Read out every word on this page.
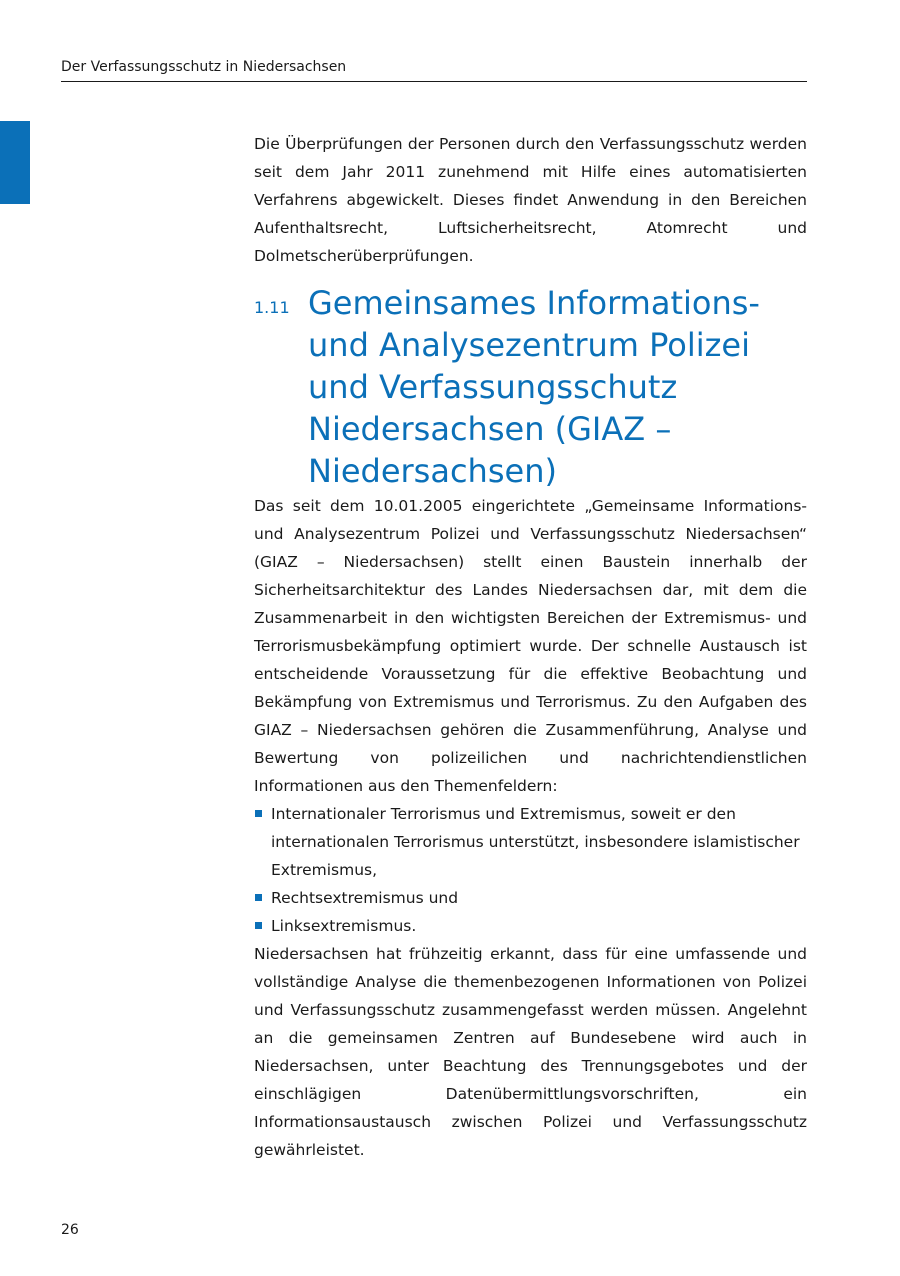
Der Verfassungsschutz in Niedersachsen
Die Überprüfungen der Personen durch den Verfassungsschutz werden seit dem Jahr 2011 zunehmend mit Hilfe eines automatisierten Verfahrens abgewickelt. Dieses findet Anwendung in den Bereichen Aufenthaltsrecht, Luftsicherheitsrecht, Atomrecht und Dolmetscherüberprüfungen.
1.11 Gemeinsames Informations- und Analysezentrum Polizei und Verfassungsschutz Niedersachsen (GIAZ – Niedersachsen)

Das seit dem 10.01.2005 eingerichtete „Gemeinsame Informations- und Analysezentrum Polizei und Verfassungsschutz Niedersachsen“ (GIAZ – Niedersachsen) stellt einen Baustein innerhalb der Sicherheitsarchitektur des Landes Niedersachsen dar, mit dem die Zusammenarbeit in den wichtigsten Bereichen der Extremismus- und Terrorismusbekämpfung optimiert wurde. Der schnelle Austausch ist entscheidende Voraussetzung für die effektive Beobachtung und Bekämpfung von Extremismus und Terrorismus. Zu den Aufgaben des GIAZ – Niedersachsen gehören die Zusammenführung, Analyse und Bewertung von polizeilichen und nachrichtendienstlichen Informationen aus den Themenfeldern:

Internationaler Terrorismus und Extremismus, soweit er den internationalen Terrorismus unterstützt, insbesondere islamistischer Extremismus,
Rechtsextremismus und
Linksextremismus.

Niedersachsen hat frühzeitig erkannt, dass für eine umfassende und vollständige Analyse die themenbezogenen Informationen von Polizei und Verfassungsschutz zusammengefasst werden müssen. Angelehnt an die gemeinsamen Zentren auf Bundesebene wird auch in Niedersachsen, unter Beachtung des Trennungsgebotes und der einschlägigen Datenübermittlungsvorschriften, ein Informationsaustausch zwischen Polizei und Verfassungsschutz gewährleistet.

26
